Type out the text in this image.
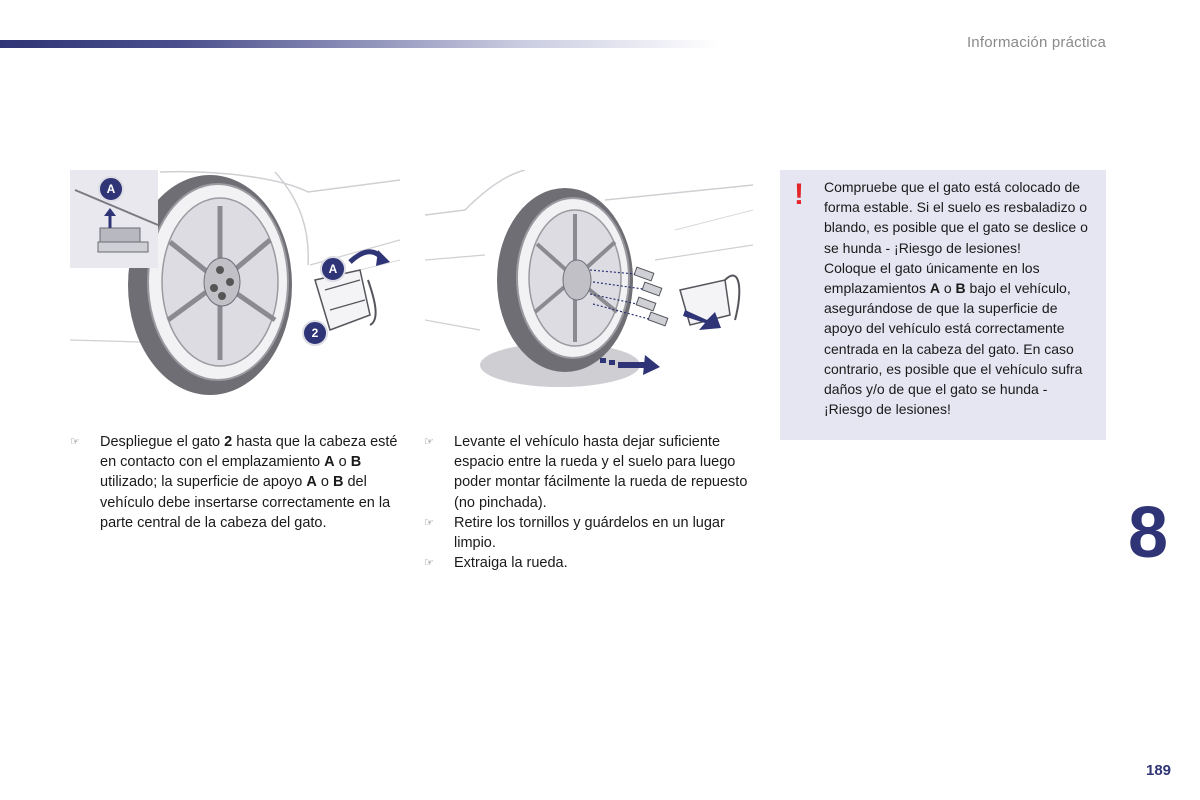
Información práctica
A
A
2

☞ Despliegue el gato 2 hasta que la cabeza esté en contacto con el emplazamiento A o B utilizado; la superficie de apoyo A o B del vehículo debe insertarse correctamente en la parte central de la cabeza del gato.

☞ Levante el vehículo hasta dejar suficiente espacio entre la rueda y el suelo para luego poder montar fácilmente la rueda de repuesto (no pinchada).

☞ Retire los tornillos y guárdelos en un lugar limpio.

☞ Extraiga la rueda.

! Compruebe que el gato está colocado de forma estable. Si el suelo es resbaladizo o blando, es posible que el gato se deslice o se hunda - ¡Riesgo de lesiones!
Coloque el gato únicamente en los emplazamientos A o B bajo el vehículo, asegurándose de que la superficie de apoyo del vehículo está correctamente centrada en la cabeza del gato. En caso contrario, es posible que el vehículo sufra daños y/o de que el gato se hunda - ¡Riesgo de lesiones!
8
189
